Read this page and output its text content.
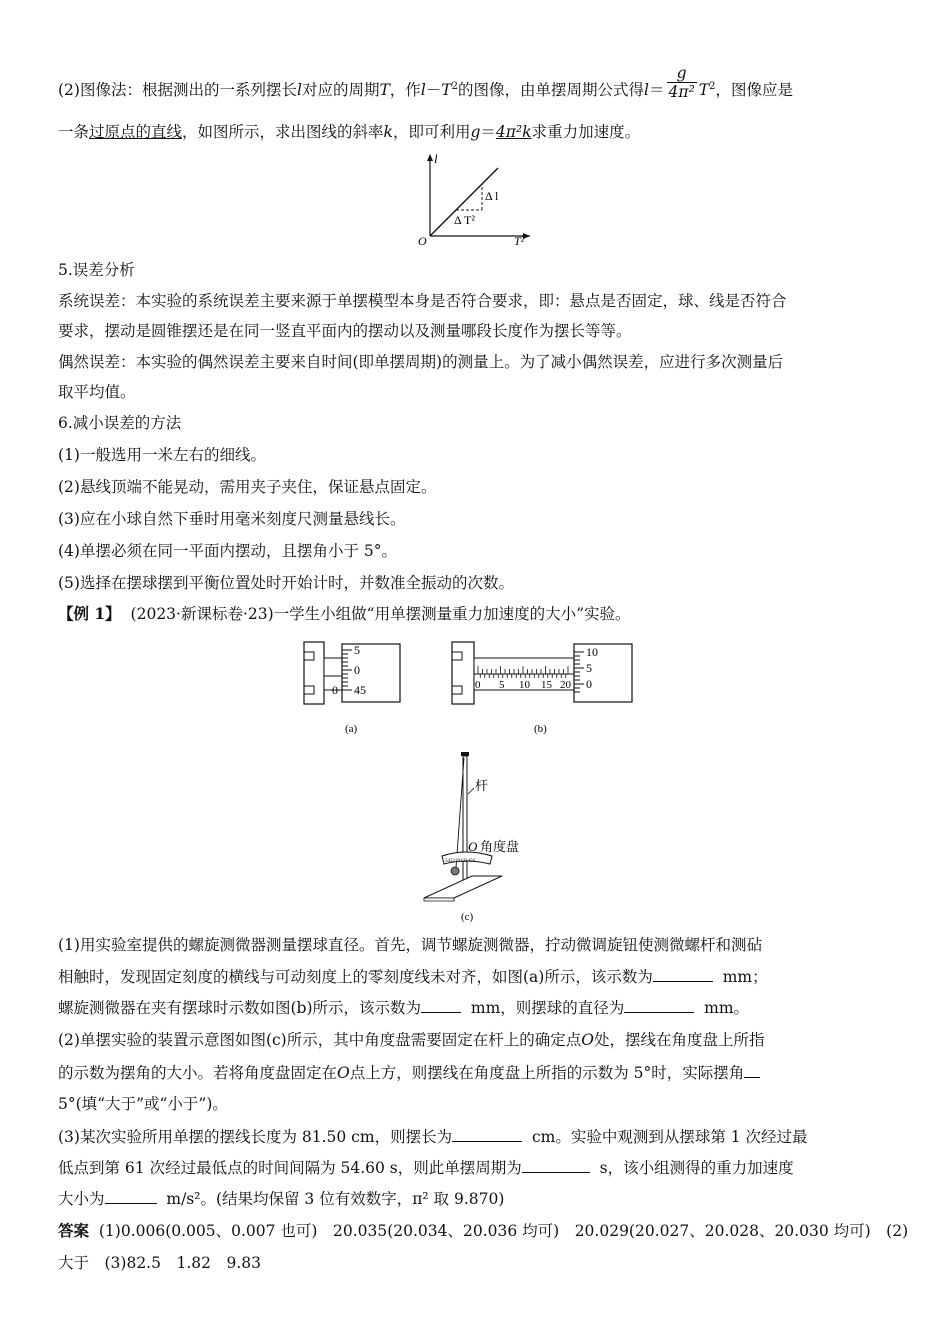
(2)图像法：根据测出的一系列摆长l对应的周期T，作$l-T^2$的图像，由单摆周期公式得$l= \frac{g}{\text{4π²}} T^2$，图像应是
一条过原点的直线，如图所示，求出图线的斜率k，即可利用g＝4π²k求重力加速度。
l
T²
O
Δ l
Δ T²
5.误差分析
系统误差：本实验的系统误差主要来源于单摆模型本身是否符合要求，即：悬点是否固定，球、线是否符合
要求，摆动是圆锥摆还是在同一竖直平面内的摆动以及测量哪段长度作为摆长等等。
偶然误差：本实验的偶然误差主要来自时间(即单摆周期)的测量上。为了减小偶然误差，应进行多次测量后
取平均值。
6.减小误差的方法
(1)一般选用一米左右的细线。
(2)悬线顶端不能晃动，需用夹子夹住，保证悬点固定。
(3)应在小球自然下垂时用毫米刻度尺测量悬线长。
(4)单摆必须在同一平面内摆动，且摆角小于 5°。
(5)选择在摆球摆到平衡位置处时开始计时，并数准全振动的次数。
【例 1】 (2023·新课标卷·23)一学生小组做“用单摆测量重力加速度的大小”实验。
5
0
45
0
(a)
0 5 10 15 20
10
5
0
(b)
543210123456
杆
O 角度盘
(c)
(1)用实验室提供的螺旋测微器测量摆球直径。首先，调节螺旋测微器，拧动微调旋钮使测微螺杆和测砧
相触时，发现固定刻度的横线与可动刻度上的零刻度线未对齐，如图(a)所示，该示数为	mm；
螺旋测微器在夹有摆球时示数如图(b)所示，该示数为	mm，则摆球的直径为	mm。
(2)单摆实验的装置示意图如图(c)所示，其中角度盘需要固定在杆上的确定点O处，摆线在角度盘上所指
的示数为摆角的大小。若将角度盘固定在O点上方，则摆线在角度盘上所指的示数为 5°时，实际摆角
5°(填“大于”或“小于”)。
(3)某次实验所用单摆的摆线长度为 81.50 cm，则摆长为	cm。实验中观测到从摆球第 1 次经过最
低点到第 61 次经过最低点的时间间隔为 54.60 s，则此单摆周期为	s，该小组测得的重力加速度
大小为	m/s²。(结果均保留 3 位有效数字，π² 取 9.870)
答案 (1)0.006(0.005、0.007 也可)　20.035(20.034、20.036 均可)　20.029(20.027、20.028、20.030 均可)　(2)
大于　(3)82.5　1.82　9.83
